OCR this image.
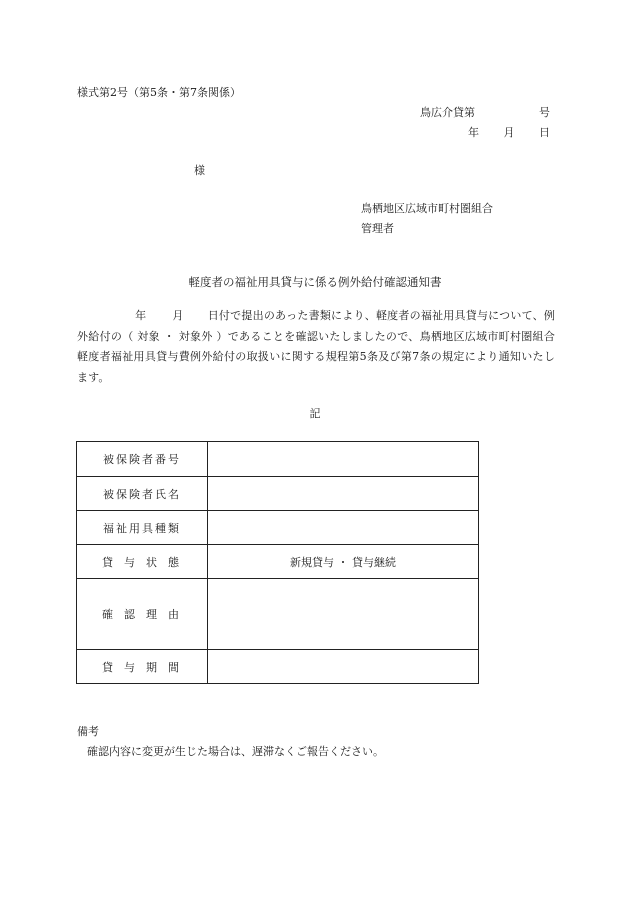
様式第2号（第5条・第7条関係）
鳥広介貸第	号
年 月 日
様
鳥栖地区広域市町村圏組合
管理者
軽度者の福祉用具貸与に係る例外給付確認通知書
年 月 日付で提出のあった書類により、軽度者の福祉用具貸与について、例外給付の（ 対象 ・ 対象外 ）であることを確認いたしましたので、鳥栖地区広域市町村圏組合軽度者福祉用具貸与費例外給付の取扱いに関する規程第5条及び第7条の規定により通知いたします。
記
被保険者番号	
被保険者氏名	
福祉用具種類	
貸与状態	新規貸与 ・ 貸与継続
確認理由	
貸与期間	
備考
確認内容に変更が生じた場合は、遅滞なくご報告ください。
